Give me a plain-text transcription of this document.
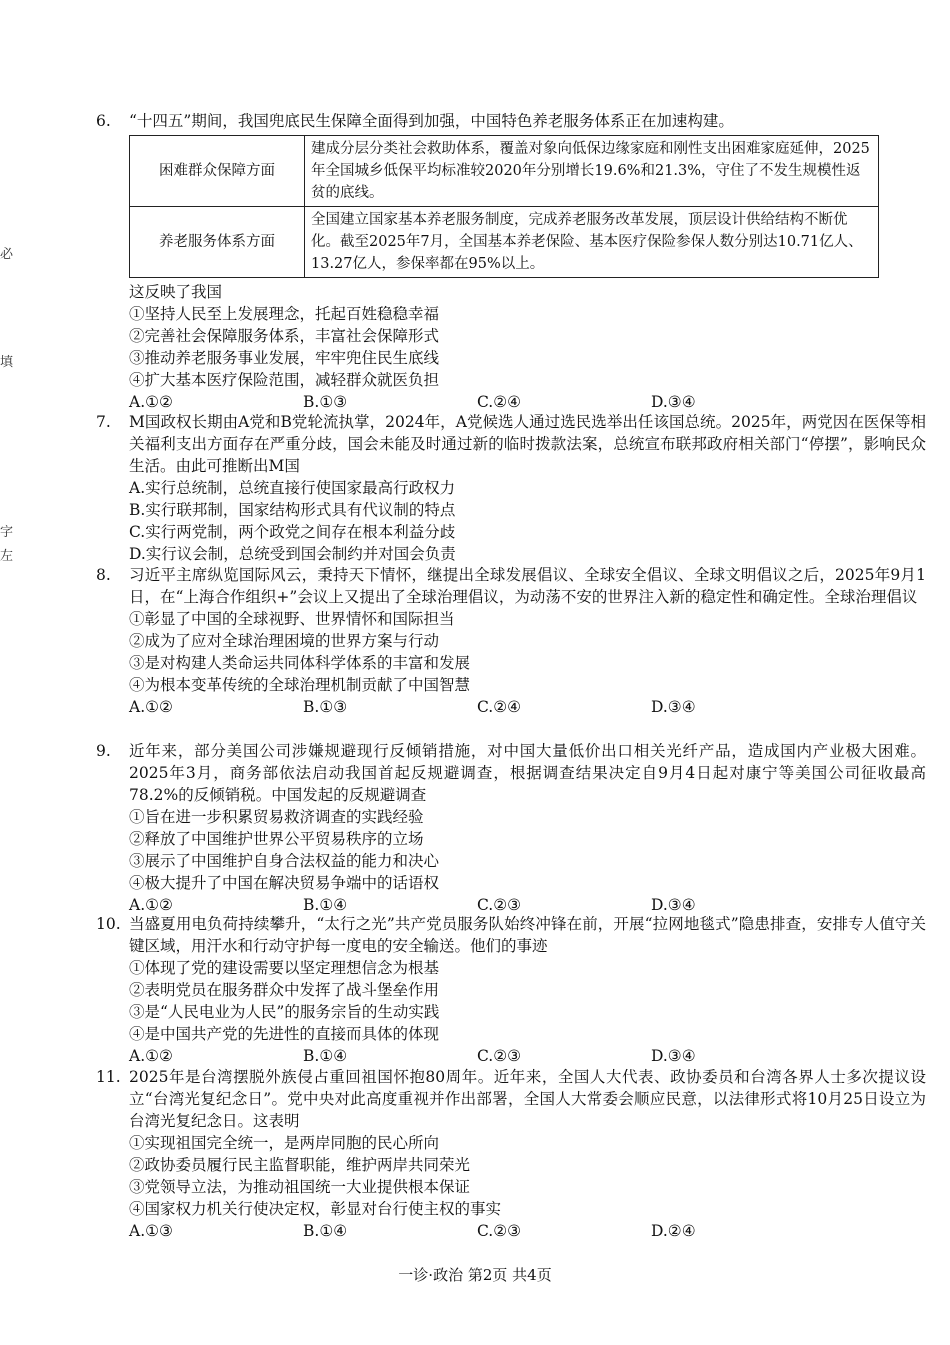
必
填
字
左
6.	“十四五”期间，我国兜底民生保障全面得到加强，中国特色养老服务体系正在加速构建。
困难群众保障方面	建成分层分类社会救助体系，覆盖对象向低保边缘家庭和刚性支出困难家庭延伸，2025年全国城乡低保平均标准较2020年分别增长19.6%和21.3%，守住了不发生规模性返贫的底线。
养老服务体系方面	全国建立国家基本养老服务制度，完成养老服务改革发展，顶层设计供给结构不断优化。截至2025年7月，全国基本养老保险、基本医疗保险参保人数分别达10.71亿人、13.27亿人，参保率都在95%以上。
这反映了我国
①坚持人民至上发展理念，托起百姓稳稳幸福
②完善社会保障服务体系，丰富社会保障形式
③推动养老服务事业发展，牢牢兜住民生底线
④扩大基本医疗保险范围，减轻群众就医负担
A.①②	B.①③	C.②④	D.③④
7.	M国政权长期由A党和B党轮流执掌，2024年，A党候选人通过选民选举出任该国总统。2025年，两党因在医保等相关福利支出方面存在严重分歧，国会未能及时通过新的临时拨款法案，总统宣布联邦政府相关部门“停摆”，影响民众生活。由此可推断出M国
A.实行总统制，总统直接行使国家最高行政权力
B.实行联邦制，国家结构形式具有代议制的特点
C.实行两党制，两个政党之间存在根本利益分歧
D.实行议会制，总统受到国会制约并对国会负责
8.	习近平主席纵览国际风云，秉持天下情怀，继提出全球发展倡议、全球安全倡议、全球文明倡议之后，2025年9月1日，在“上海合作组织+”会议上又提出了全球治理倡议，为动荡不安的世界注入新的稳定性和确定性。全球治理倡议
①彰显了中国的全球视野、世界情怀和国际担当
②成为了应对全球治理困境的世界方案与行动
③是对构建人类命运共同体科学体系的丰富和发展
④为根本变革传统的全球治理机制贡献了中国智慧
A.①②	B.①③	C.②④	D.③④
9.	近年来，部分美国公司涉嫌规避现行反倾销措施，对中国大量低价出口相关光纤产品，造成国内产业极大困难。2025年3月，商务部依法启动我国首起反规避调查，根据调查结果决定自9月4日起对康宁等美国公司征收最高78.2%的反倾销税。中国发起的反规避调查
①旨在进一步积累贸易救济调查的实践经验
②释放了中国维护世界公平贸易秩序的立场
③展示了中国维护自身合法权益的能力和决心
④极大提升了中国在解决贸易争端中的话语权
A.①②	B.①④	C.②③	D.③④
10. 当盛夏用电负荷持续攀升，“太行之光”共产党员服务队始终冲锋在前，开展“拉网地毯式”隐患排查，安排专人值守关键区域，用汗水和行动守护每一度电的安全输送。他们的事迹
①体现了党的建设需要以坚定理想信念为根基
②表明党员在服务群众中发挥了战斗堡垒作用
③是“人民电业为人民”的服务宗旨的生动实践
④是中国共产党的先进性的直接而具体的体现
A.①②	B.①④	C.②③	D.③④
11. 2025年是台湾摆脱外族侵占重回祖国怀抱80周年。近年来，全国人大代表、政协委员和台湾各界人士多次提议设立“台湾光复纪念日”。党中央对此高度重视并作出部署，全国人大常委会顺应民意，以法律形式将10月25日设立为台湾光复纪念日。这表明
①实现祖国完全统一，是两岸同胞的民心所向
②政协委员履行民主监督职能，维护两岸共同荣光
③党领导立法，为推动祖国统一大业提供根本保证
④国家权力机关行使决定权，彰显对台行使主权的事实
A.①③	B.①④	C.②③	D.②④
一诊·政治 第2页 共4页
